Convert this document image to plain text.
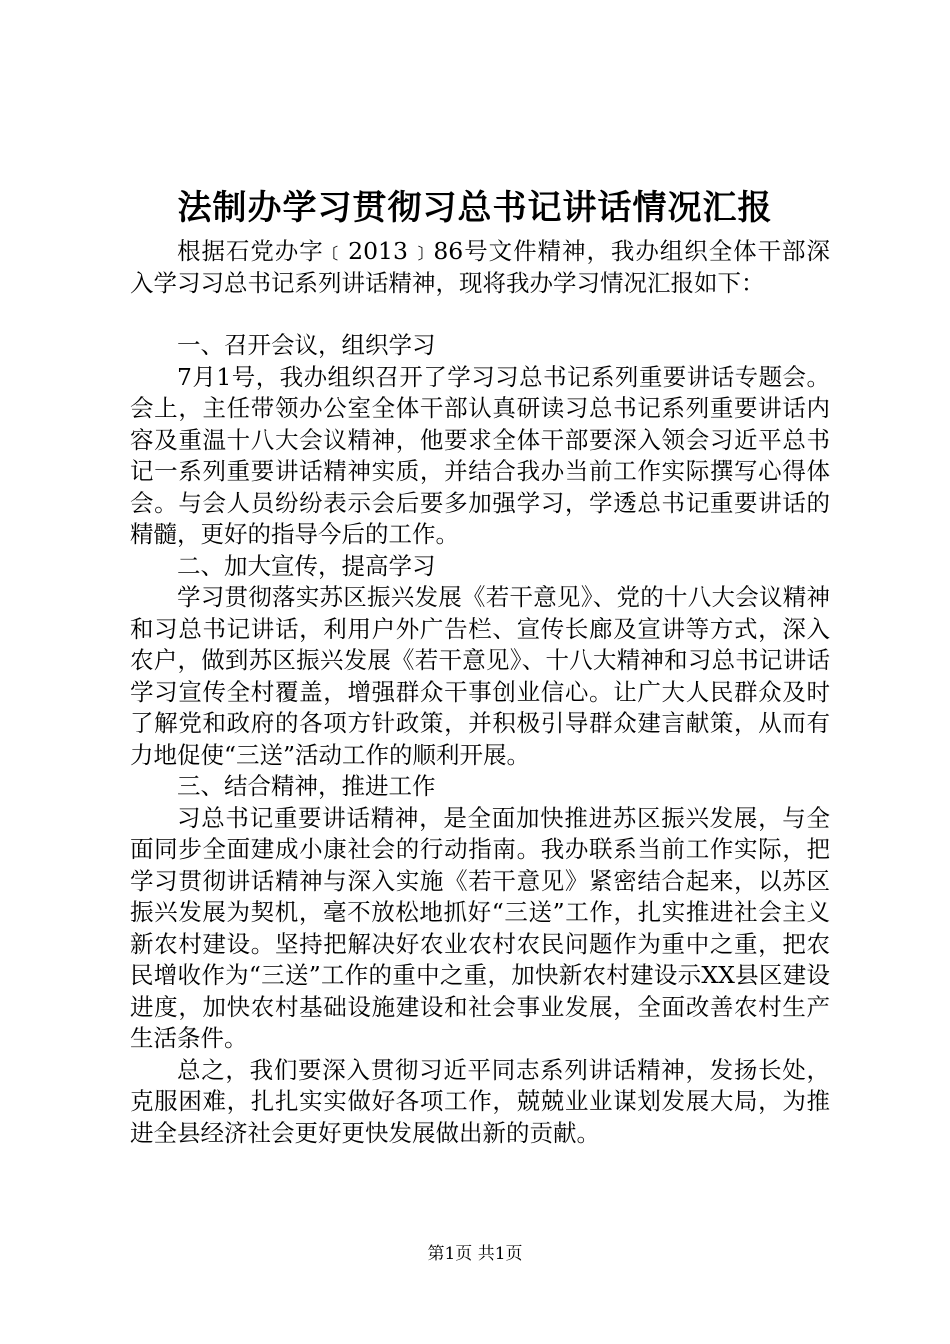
法制办学习贯彻习总书记讲话情况汇报

根据石党办字﹝2013﹞86号文件精神，我办组织全体干部深入学习习总书记系列讲话精神，现将我办学习情况汇报如下：

一、召开会议，组织学习

7月1号，我办组织召开了学习习总书记系列重要讲话专题会。会上，主任带领办公室全体干部认真研读习总书记系列重要讲话内容及重温十八大会议精神，他要求全体干部要深入领会习近平总书记一系列重要讲话精神实质，并结合我办当前工作实际撰写心得体会。与会人员纷纷表示会后要多加强学习，学透总书记重要讲话的精髓，更好的指导今后的工作。

二、加大宣传，提高学习

学习贯彻落实苏区振兴发展《若干意见》、党的十八大会议精神和习总书记讲话，利用户外广告栏、宣传长廊及宣讲等方式，深入农户，做到苏区振兴发展《若干意见》、十八大精神和习总书记讲话学习宣传全村覆盖，增强群众干事创业信心。让广大人民群众及时了解党和政府的各项方针政策，并积极引导群众建言献策，从而有力地促使“三送”活动工作的顺利开展。

三、结合精神，推进工作

习总书记重要讲话精神，是全面加快推进苏区振兴发展，与全面同步全面建成小康社会的行动指南。我办联系当前工作实际，把学习贯彻讲话精神与深入实施《若干意见》紧密结合起来，以苏区振兴发展为契机，毫不放松地抓好“三送”工作，扎实推进社会主义新农村建设。坚持把解决好农业农村农民问题作为重中之重，把农民增收作为“三送”工作的重中之重，加快新农村建设示XX县区建设进度，加快农村基础设施建设和社会事业发展，全面改善农村生产生活条件。

总之，我们要深入贯彻习近平同志系列讲话精神，发扬长处，克服困难，扎扎实实做好各项工作，兢兢业业谋划发展大局，为推进全县经济社会更好更快发展做出新的贡献。

第1页 共1页
